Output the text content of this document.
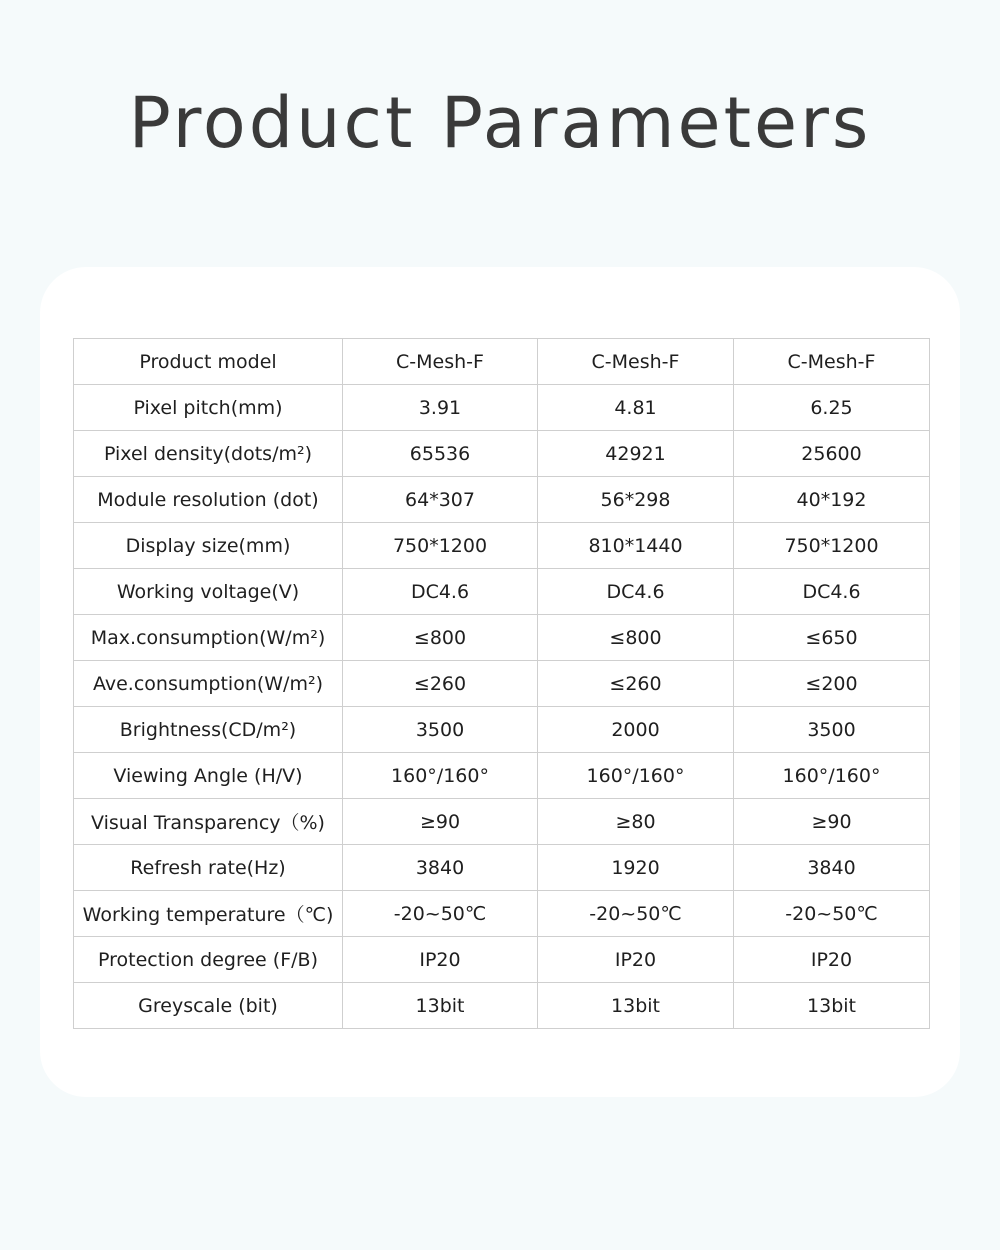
Product Parameters
Product model	C-Mesh-F	C-Mesh-F	C-Mesh-F
Pixel pitch(mm)	3.91	4.81	6.25
Pixel density(dots/m²)	65536	42921	25600
Module resolution (dot)	64*307	56*298	40*192
Display size(mm)	750*1200	810*1440	750*1200
Working voltage(V)	DC4.6	DC4.6	DC4.6
Max.consumption(W/m²)	≤800	≤800	≤650
Ave.consumption(W/m²)	≤260	≤260	≤200
Brightness(CD/m²)	3500	2000	3500
Viewing Angle (H/V)	160°/160°	160°/160°	160°/160°
Visual Transparency（%)	≥90	≥80	≥90
Refresh rate(Hz)	3840	1920	3840
Working temperature（℃)	-20~50℃	-20~50℃	-20~50℃
Protection degree (F/B)	IP20	IP20	IP20
Greyscale (bit)	13bit	13bit	13bit
